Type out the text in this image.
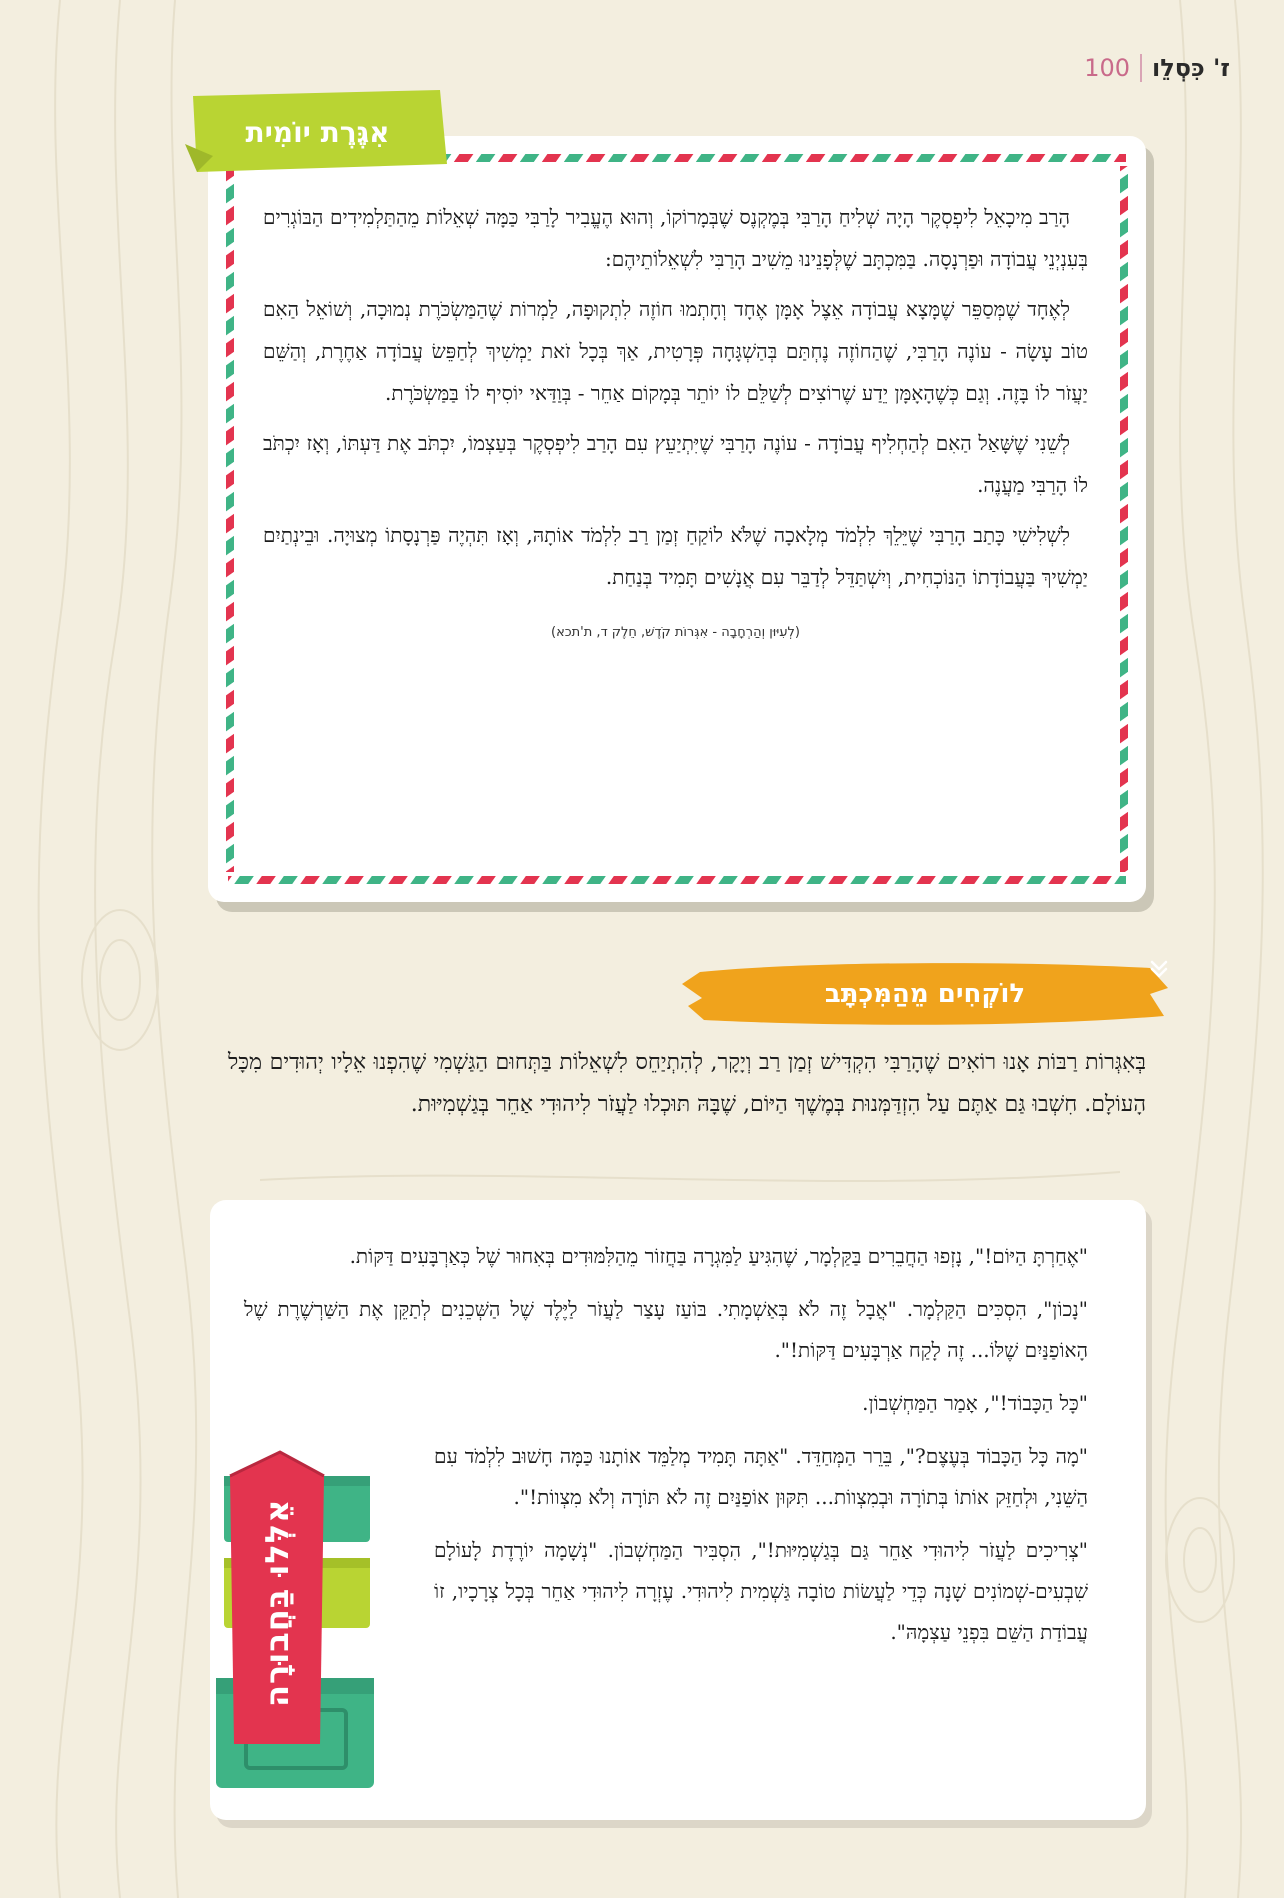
ז' כִּסְלֵו
100

הָרַב מִיכָאֵל לִיפְסְקֶר הָיָה שְׁלִיחַ הָרַבִּי בְּמֶקְנֶס שֶׁבְּמָרוֹקוֹ, וְהוּא הֶעֱבִיר לָרַבִּי כַּמָּה שְׁאֵלוֹת מֵהַתַּלְמִידִים הַבּוֹגְרִים בְּעִנְיְנֵי עֲבוֹדָה וּפַרְנָסָה. בַּמִּכְתָּב שֶׁלְּפָנֵינוּ מֵשִׁיב הָרַבִּי לִשְׁאֵלוֹתֵיהֶם:

לְאֶחָד שֶׁמְּסַפֵּר שֶׁמָּצָא עֲבוֹדָה אֵצֶל אָמָּן אֶחָד וְחָתְמוּ חוֹזֶה לִתְקוּפָה, לַמְרוֹת שֶׁהַמַּשְׂכֹּרֶת נְמוּכָה, וְשׁוֹאֵל הַאִם טוֹב עָשָׂה - עוֹנֶה הָרַבִּי, שֶׁהַחוֹזֶה נֶחְתַּם בְּהַשְׁגָּחָה פְּרָטִית, אַךְ בְּכָל זֹאת יַמְשִׁיךְ לְחַפֵּשׂ עֲבוֹדָה אַחֶרֶת, וְהַשֵּׁם יַעֲזֹר לוֹ בָּזֶה. וְגַם כְּשֶׁהָאָמָּן יֵדַע שֶׁרוֹצִים לְשַׁלֵּם לוֹ יוֹתֵר בְּמָקוֹם אַחֵר - בְּוַדַּאי יוֹסִיף לוֹ בַּמַּשְׂכֹּרֶת.

לְשֵׁנִי שֶׁשָּׁאַל הַאִם לְהַחְלִיף עֲבוֹדָה - עוֹנֶה הָרַבִּי שֶׁיִּתְיַעֵץ עִם הָרַב לִיפְסְקֶר בְּעַצְמוֹ, יִכְתֹּב אֶת דַּעְתּוֹ, וְאָז יִכְתֹּב לוֹ הָרַבִּי מַעֲנֶה.

לִשְׁלִישִׁי כָּתַב הָרַבִּי שֶׁיֵּלֵךְ לִלְמֹד מְלָאכָה שֶׁלֹּא לוֹקַחַ זְמַן רַב לִלְמֹד אוֹתָהּ, וְאָז תִּהְיֶה פַּרְנָסָתוֹ מְצוּיָה. וּבֵינְתַיִם יַמְשִׁיךְ בַּעֲבוֹדָתוֹ הַנּוֹכְחִית, וְיִשְׁתַּדֵּל לְדַבֵּר עִם אֲנָשִׁים תָּמִיד בְּנַחַת.

(לְעִיּוּן וְהַרְחָבָה - אִגְּרוֹת קֹדֶשׁ, חֵלֶק ד, ת'תכא)
אִגֶּרֶת יוֹמִית
לוֹקְחִים מֵהַמִּכְתָּב
בְּאִגְּרוֹת רַבּוֹת אָנוּ רוֹאִים שֶׁהָרַבִּי הִקְדִּישׁ זְמַן רַב וְיָקָר, לְהִתְיַחֵס לִשְׁאֵלוֹת בַּתְּחוּם הַגַּשְׁמִי שֶׁהִפְנוּ אֵלָיו יְהוּדִים מִכָּל הָעוֹלָם. חִשְׁבוּ גַּם אַתֶּם עַל הִזְדַּמְּנוּת בְּמֶשֶׁךְ הַיּוֹם, שֶׁבָּהּ תּוּכְלוּ לַעֲזֹר לִיהוּדִי אַחֵר בְּגַשְׁמִיּוּת.

"אֶחַרְתָּ הַיּוֹם!", נָזְפוּ הַחֲבֵרִים בַּקַּלְמָר, שֶׁהִגִּיעַ לַמִּגְרָה בַּחֲזוֹר מֵהַלִּמּוּדִים בְּאִחוּר שֶׁל כְּאַרְבָּעִים דַּקּוֹת.

"נָכוֹן", הִסְכִּים הַקַּלְמָר. "אֲבָל זֶה לֹא בְּאַשְׁמָתִי. בּוֹעַז עָצַר לַעֲזֹר לַיֶּלֶד שֶׁל הַשְּׁכֵנִים לְתַקֵּן אֶת הַשַּׁרְשֶׁרֶת שֶׁל הָאוֹפַנַּיִם שֶׁלּוֹ... זֶה לָקַח אַרְבָּעִים דַּקּוֹת!".

"כָּל הַכָּבוֹד!", אָמַר הַמַּחְשְׁבוֹן.

"מָה כָּל הַכָּבוֹד בְּעֶצֶם?", בֵּרֵר הַמְּחַדֵּד. "אַתָּה תָּמִיד מְלַמֵּד אוֹתָנוּ כַּמָּה חָשׁוּב לִלְמֹד עִם הַשֵּׁנִי, וּלְחַזֵּק אוֹתוֹ בְּתוֹרָה וּבְמִצְווֹת... תִּקּוּן אוֹפַנַּיִם זֶה לֹא תּוֹרָה וְלֹא מִצְווֹת!".

"צְרִיכִים לַעֲזֹר לִיהוּדִי אַחֵר גַּם בְּגַשְׁמִיּוּת!", הִסְבִּיר הַמַּחְשְׁבוֹן. "נְשָׁמָה יוֹרֶדֶת לָעוֹלָם שִׁבְעִים-שְׁמוֹנִים שָׁנָה כְּדֵי לַעֲשׂוֹת טוֹבָה גַּשְׁמִית לִיהוּדִי. עֶזְרָה לִיהוּדִי אַחֵר בְּכָל צְרָכָיו, זוֹ עֲבוֹדַת הַשֵּׁם בִּפְנֵי עַצְמָהּ".

אֵלְּלוּ בַּחֲבוּרָה
